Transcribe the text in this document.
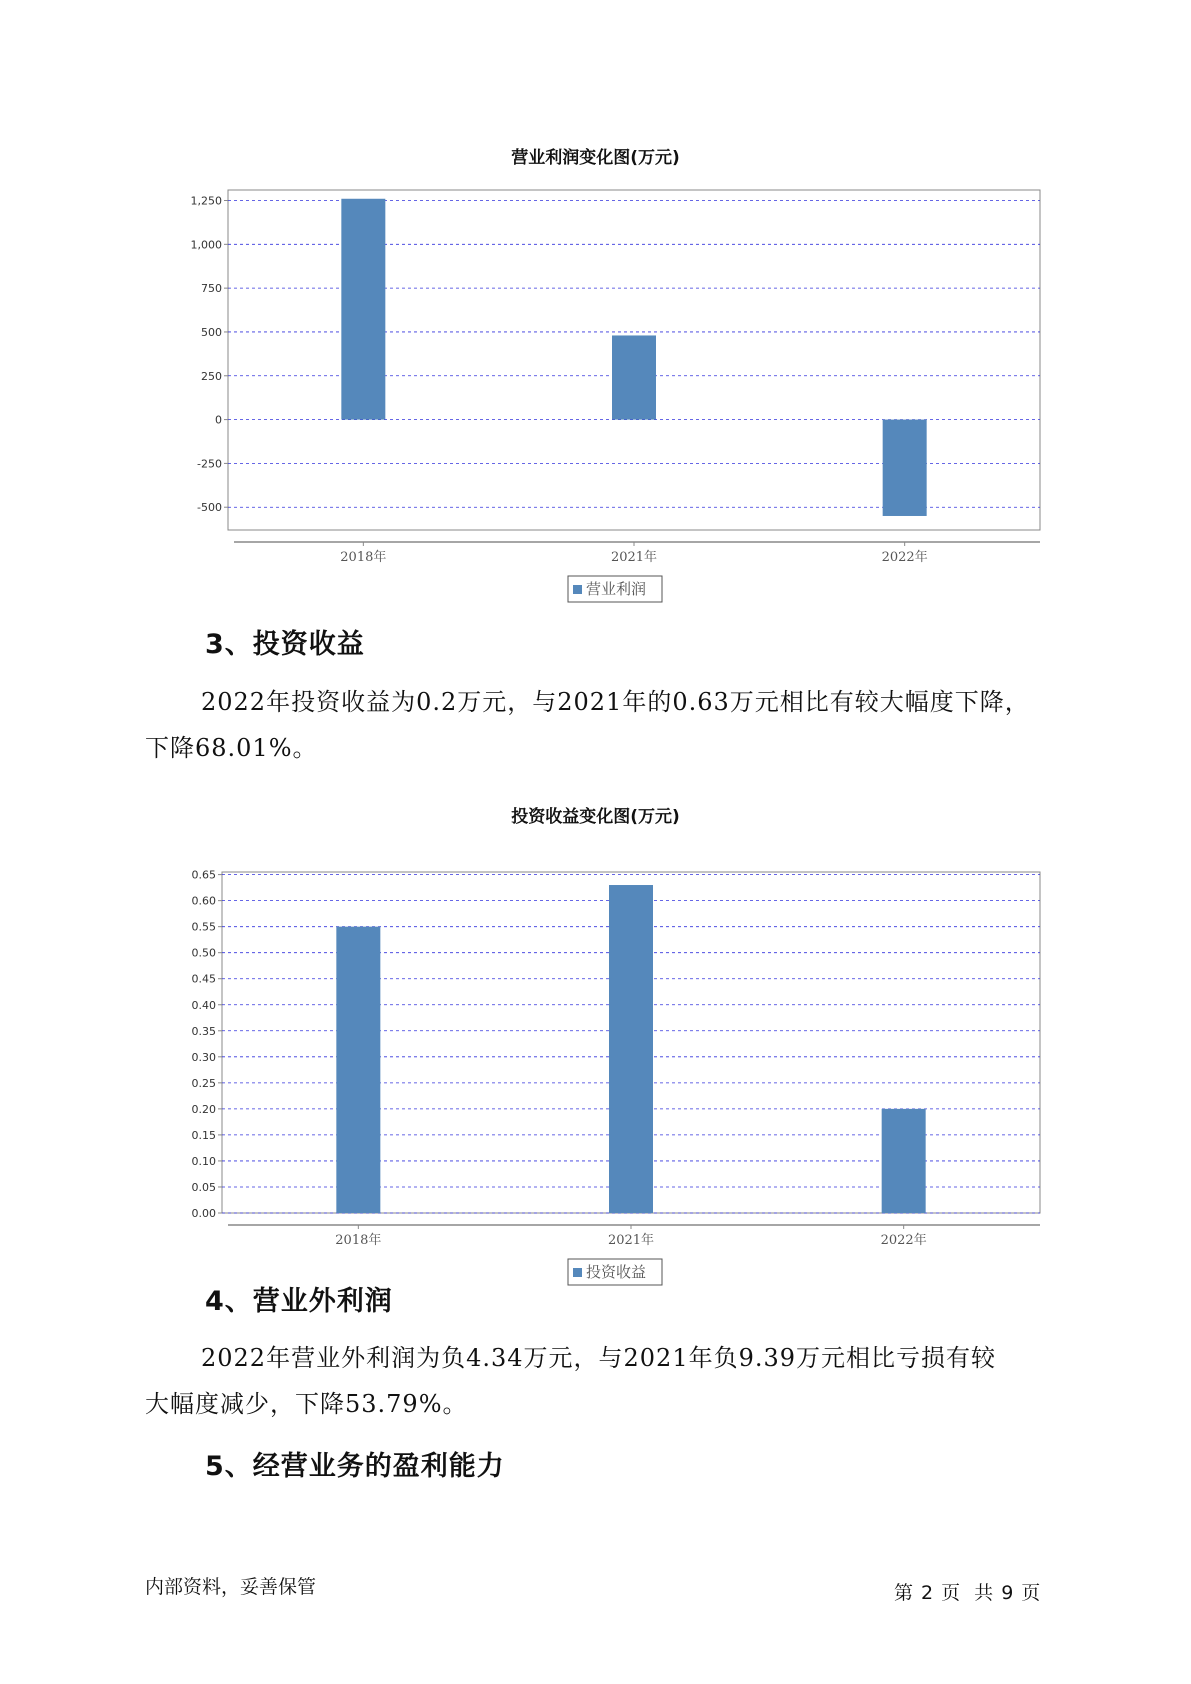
营业利润变化图(万元)
-500
-250
0
250
500
750
1,000
1,250
2018年	2021年	2022年
营业利润
3、投资收益
2022年投资收益为0.2万元，与2021年的0.63万元相比有较大幅度下降，
下降68.01%。
投资收益变化图(万元)
0.00
0.05
0.10
0.15
0.20
0.25
0.30
0.35
0.40
0.45
0.50
0.55
0.60
0.65
2018年	2021年	2022年
投资收益
4、营业外利润
2022年营业外利润为负4.34万元，与2021年负9.39万元相比亏损有较
大幅度减少，下降53.79%。
5、经营业务的盈利能力
内部资料，妥善保管	第 2 页 共 9 页
